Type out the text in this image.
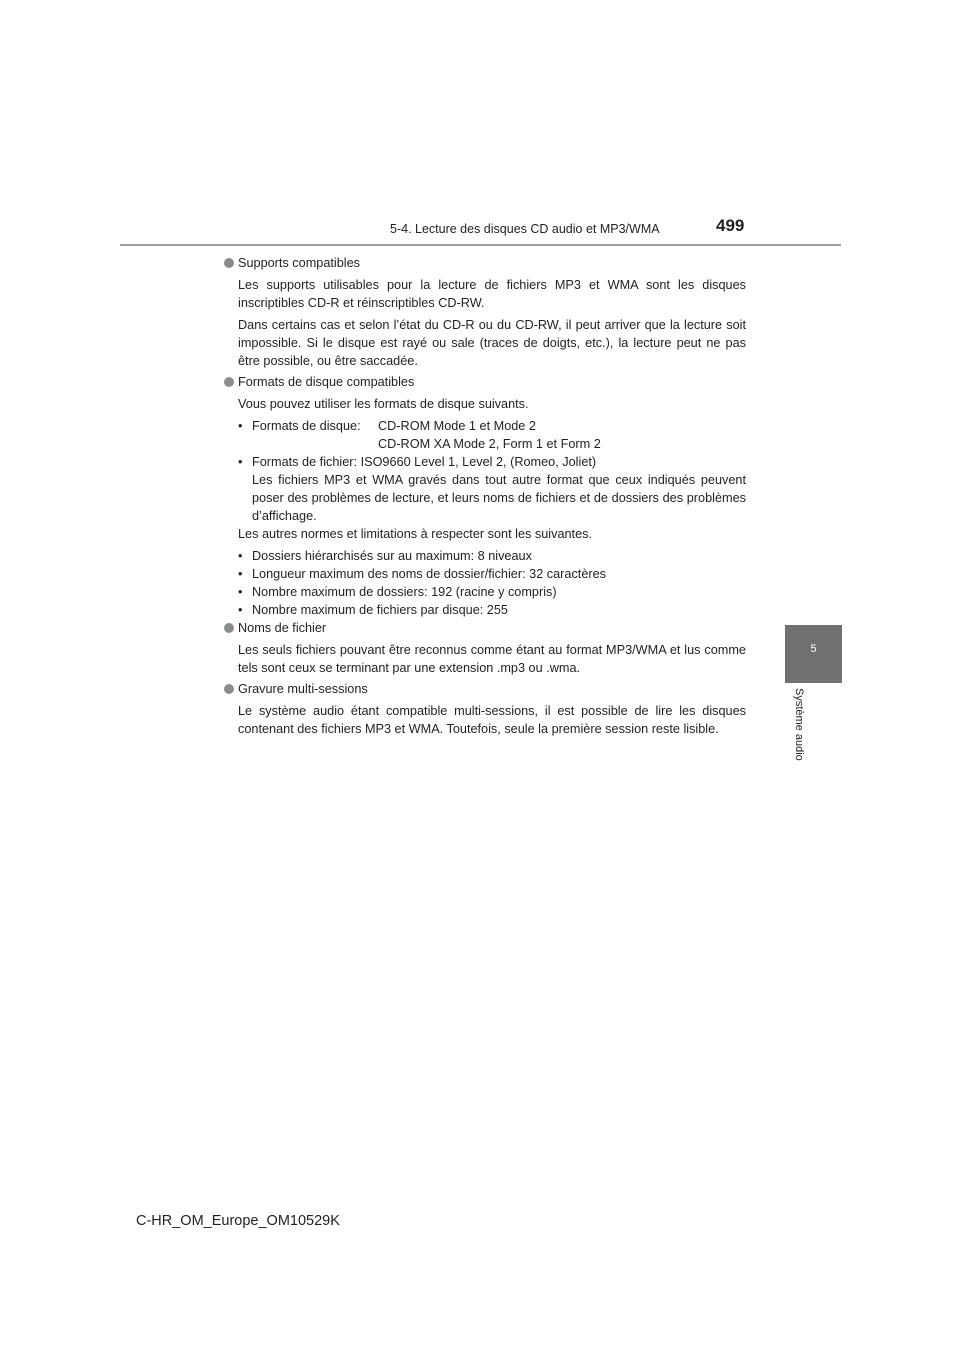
5-4. Lecture des disques CD audio et MP3/WMA	499
5
Système audio

Supports compatibles

Les supports utilisables pour la lecture de fichiers MP3 et WMA sont les disques inscriptibles CD-R et réinscriptibles CD-RW.

Dans certains cas et selon l’état du CD-R ou du CD-RW, il peut arriver que la lecture soit impossible. Si le disque est rayé ou sale (traces de doigts, etc.), la lecture peut ne pas être possible, ou être saccadée.

Formats de disque compatibles

Vous pouvez utiliser les formats de disque suivants.

• Formats de disque:	CD-ROM Mode 1 et Mode 2
CD-ROM XA Mode 2, Form 1 et Form 2
• Formats de fichier: ISO9660 Level 1, Level 2, (Romeo, Joliet)
Les fichiers MP3 et WMA gravés dans tout autre format que ceux indiqués peuvent poser des problèmes de lecture, et leurs noms de fichiers et de dossiers des problèmes d’affichage.

Les autres normes et limitations à respecter sont les suivantes.

• Dossiers hiérarchisés sur au maximum: 8 niveaux
• Longueur maximum des noms de dossier/fichier: 32 caractères
• Nombre maximum de dossiers: 192 (racine y compris)
• Nombre maximum de fichiers par disque: 255

Noms de fichier

Les seuls fichiers pouvant être reconnus comme étant au format MP3/WMA et lus comme tels sont ceux se terminant par une extension .mp3 ou .wma.

Gravure multi-sessions

Le système audio étant compatible multi-sessions, il est possible de lire les disques contenant des fichiers MP3 et WMA. Toutefois, seule la première session reste lisible.

C-HR_OM_Europe_OM10529K
